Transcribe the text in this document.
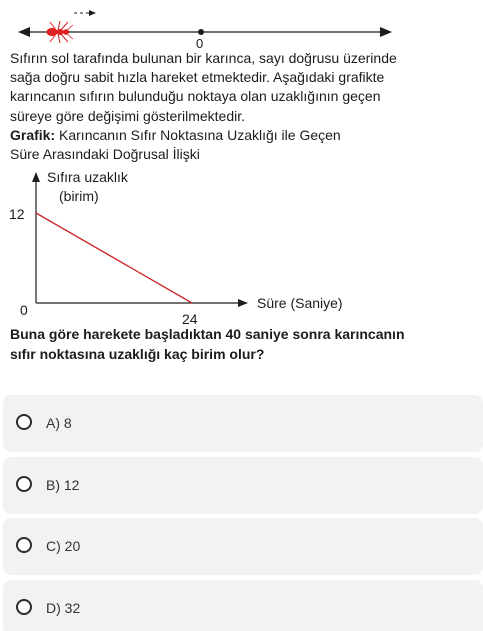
0
Sıfırın sol tarafında bulunan bir karınca, sayı doğrusu üzerinde
sağa doğru sabit hızla hareket etmektedir. Aşağıdaki grafikte
karıncanın sıfırın bulunduğu noktaya olan uzaklığının geçen
süreye göre değişimi gösterilmektedir.
Grafik: Karıncanın Sıfır Noktasına Uzaklığı ile Geçen
Süre Arasındaki Doğrusal İlişki
Sıfıra uzaklık
(birim)
12
0
24
Süre (Saniye)
Buna göre harekete başladıktan 40 saniye sonra karıncanın
sıfır noktasına uzaklığı kaç birim olur?
A) 8
B) 12
C) 20
D) 32
